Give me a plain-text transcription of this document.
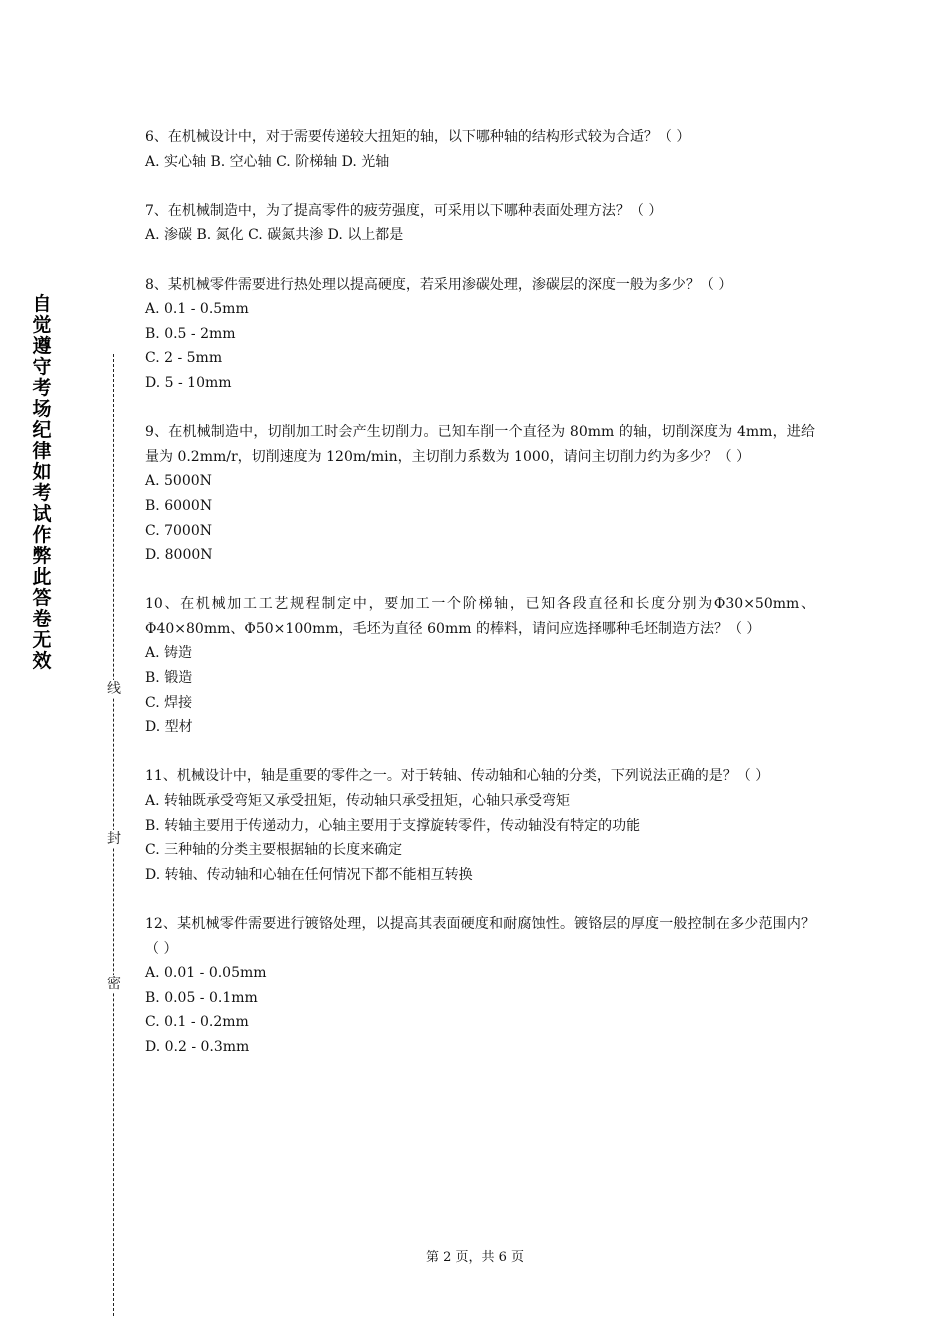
自觉遵守考场纪律如考试作弊此答卷无效
线
封
密
6、在机械设计中，对于需要传递较大扭矩的轴，以下哪种轴的结构形式较为合适？（ ）
A. 实心轴 B. 空心轴 C. 阶梯轴 D. 光轴
7、在机械制造中，为了提高零件的疲劳强度，可采用以下哪种表面处理方法？（ ）
A. 渗碳 B. 氮化 C. 碳氮共渗 D. 以上都是
8、某机械零件需要进行热处理以提高硬度，若采用渗碳处理，渗碳层的深度一般为多少？（ ）
A. 0.1 - 0.5mm
B. 0.5 - 2mm
C. 2 - 5mm
D. 5 - 10mm
9、在机械制造中，切削加工时会产生切削力。已知车削一个直径为 80mm 的轴，切削深度为 4mm，进给量为 0.2mm/r，切削速度为 120m/min，主切削力系数为 1000，请问主切削力约为多少？（ ）
A. 5000N
B. 6000N
C. 7000N
D. 8000N
10、在机械加工工艺规程制定中，要加工一个阶梯轴，已知各段直径和长度分别为Φ30×50mm、Φ40×80mm、Φ50×100mm，毛坯为直径 60mm 的棒料，请问应选择哪种毛坯制造方法？（ ）
A. 铸造
B. 锻造
C. 焊接
D. 型材
11、机械设计中，轴是重要的零件之一。对于转轴、传动轴和心轴的分类，下列说法正确的是？（ ）
A. 转轴既承受弯矩又承受扭矩，传动轴只承受扭矩，心轴只承受弯矩
B. 转轴主要用于传递动力，心轴主要用于支撑旋转零件，传动轴没有特定的功能
C. 三种轴的分类主要根据轴的长度来确定
D. 转轴、传动轴和心轴在任何情况下都不能相互转换
12、某机械零件需要进行镀铬处理，以提高其表面硬度和耐腐蚀性。镀铬层的厚度一般控制在多少范围内？（ ）
A. 0.01 - 0.05mm
B. 0.05 - 0.1mm
C. 0.1 - 0.2mm
D. 0.2 - 0.3mm
第 2 页，共 6 页
